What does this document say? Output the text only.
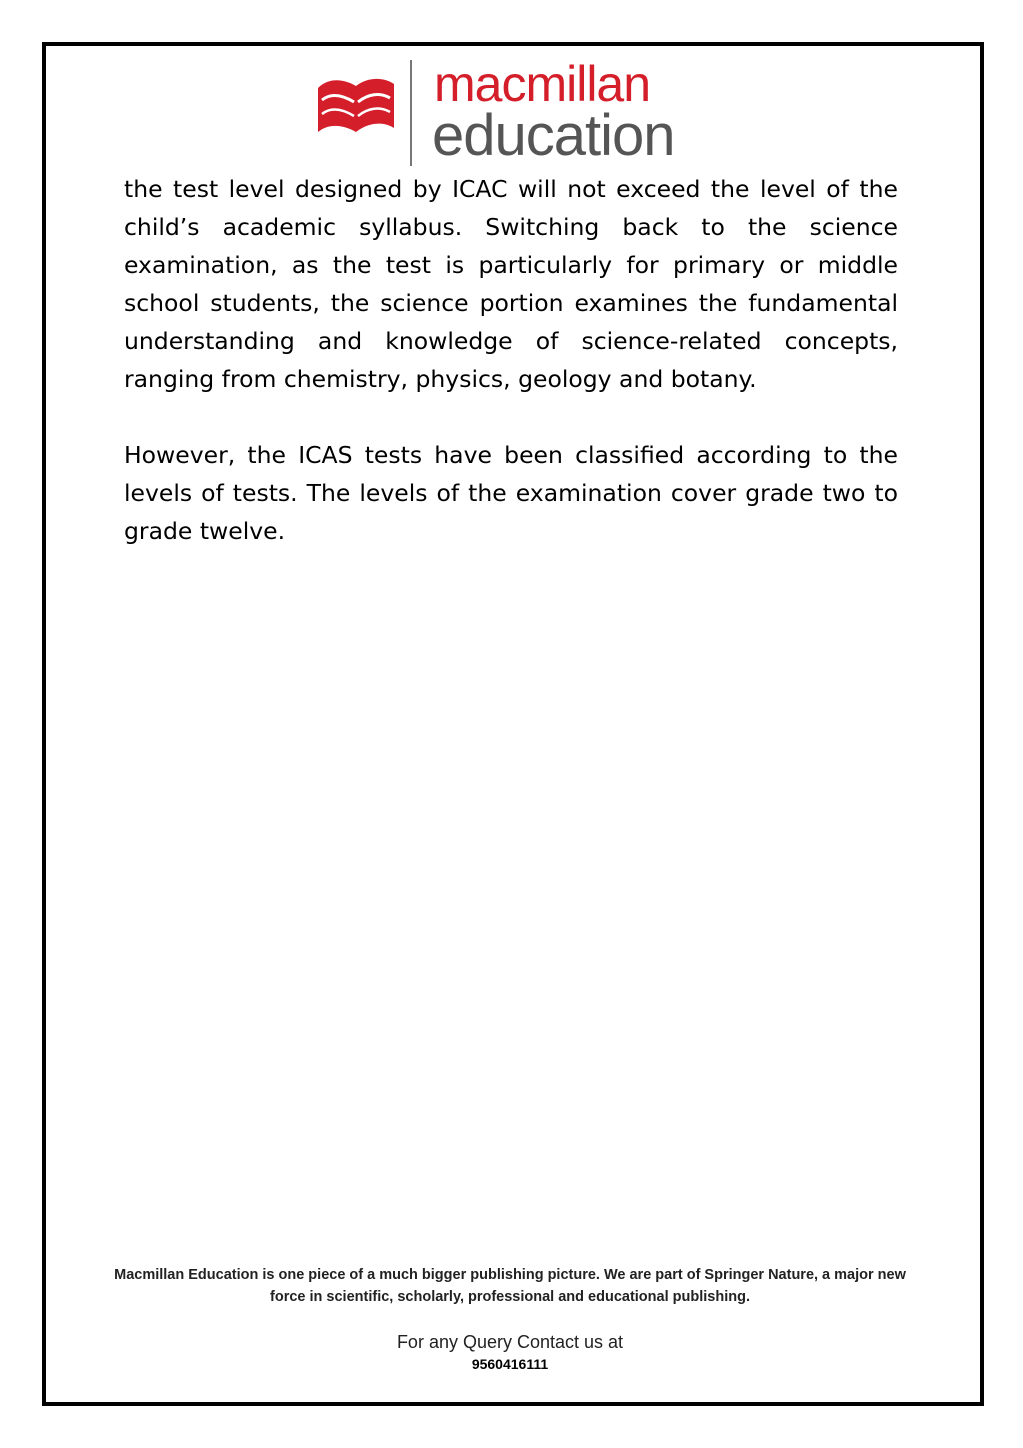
macmillan
education

the test level designed by ICAC will not exceed the level of the child’s academic syllabus. Switching back to the science examination, as the test is particularly for primary or middle school students, the science portion examines the fundamental understanding and knowledge of science-related concepts, ranging from chemistry, physics, geology and botany.

However, the ICAS tests have been classified according to the levels of tests. The levels of the examination cover grade two to grade twelve.

Macmillan Education is one piece of a much bigger publishing picture. We are part of Springer Nature, a major new force in scientific, scholarly, professional and educational publishing.
For any Query Contact us at
9560416111
